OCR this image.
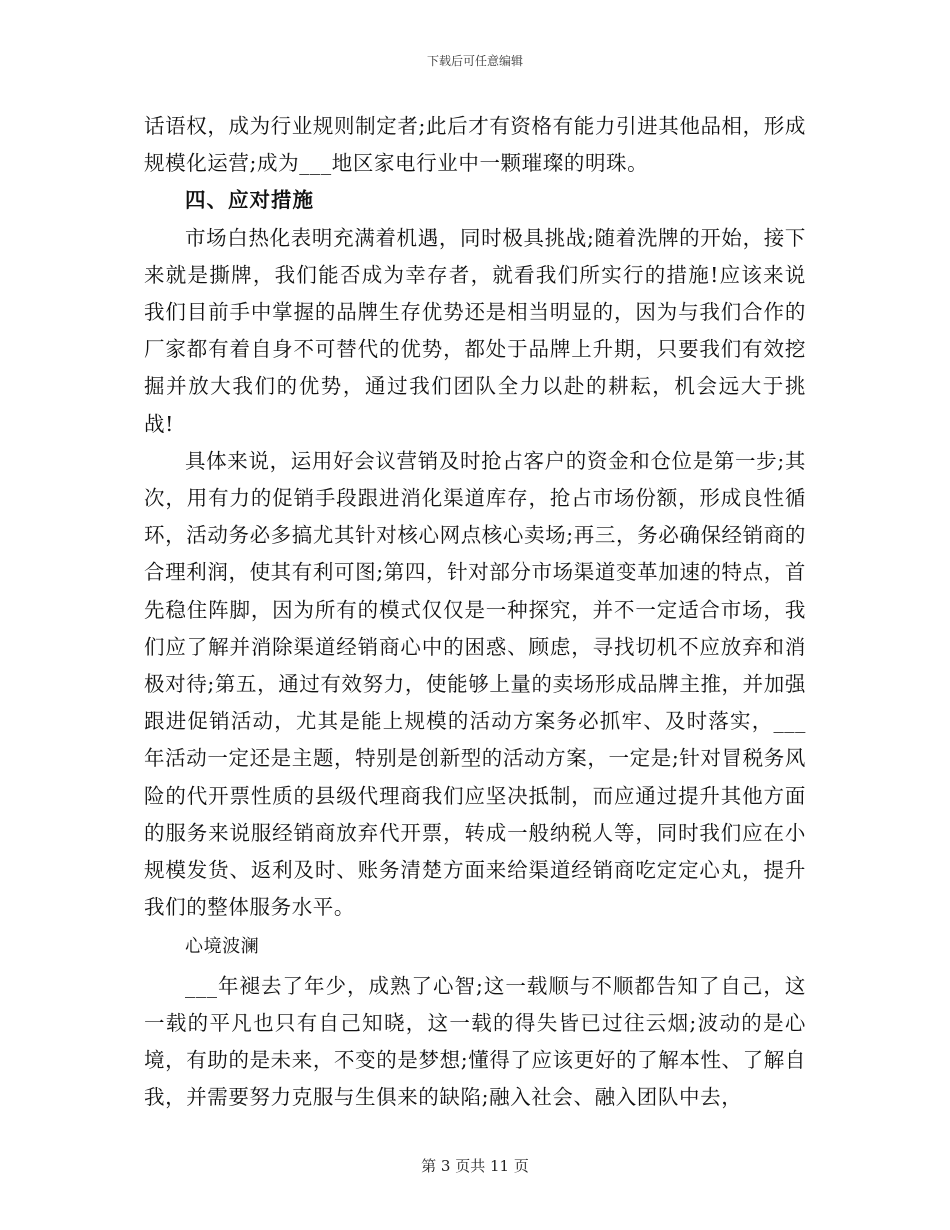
下载后可任意编辑

话语权，成为行业规则制定者;此后才有资格有能力引进其他品相，形成规模化运营;成为___地区家电行业中一颗璀璨的明珠。

四、应对措施

市场白热化表明充满着机遇，同时极具挑战;随着洗牌的开始，接下来就是撕牌，我们能否成为幸存者，就看我们所实行的措施!应该来说我们目前手中掌握的品牌生存优势还是相当明显的，因为与我们合作的厂家都有着自身不可替代的优势，都处于品牌上升期，只要我们有效挖掘并放大我们的优势，通过我们团队全力以赴的耕耘，机会远大于挑战!

具体来说，运用好会议营销及时抢占客户的资金和仓位是第一步;其次，用有力的促销手段跟进消化渠道库存，抢占市场份额，形成良性循环，活动务必多搞尤其针对核心网点核心卖场;再三，务必确保经销商的合理利润，使其有利可图;第四，针对部分市场渠道变革加速的特点，首先稳住阵脚，因为所有的模式仅仅是一种探究，并不一定适合市场，我们应了解并消除渠道经销商心中的困惑、顾虑，寻找切机不应放弃和消极对待;第五，通过有效努力，使能够上量的卖场形成品牌主推，并加强跟进促销活动，尤其是能上规模的活动方案务必抓牢、及时落实，___年活动一定还是主题，特别是创新型的活动方案，一定是;针对冒税务风险的代开票性质的县级代理商我们应坚决抵制，而应通过提升其他方面的服务来说服经销商放弃代开票，转成一般纳税人等，同时我们应在小规模发货、返利及时、账务清楚方面来给渠道经销商吃定定心丸，提升我们的整体服务水平。

心境波澜

___年褪去了年少，成熟了心智;这一载顺与不顺都告知了自己，这一载的平凡也只有自己知晓，这一载的得失皆已过往云烟;波动的是心境，有助的是未来，不变的是梦想;懂得了应该更好的了解本性、了解自我，并需要努力克服与生俱来的缺陷;融入社会、融入团队中去，

第 3 页共 11 页
